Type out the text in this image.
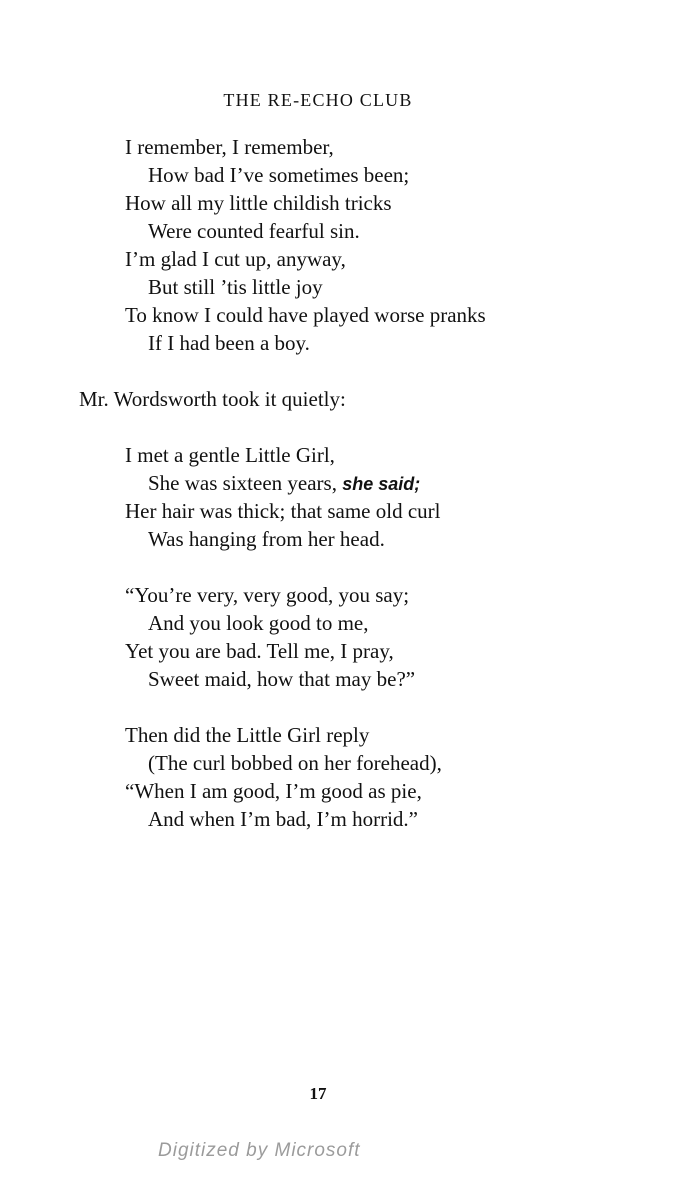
THE RE-ECHO CLUB
I remember, I remember,
How bad I’ve sometimes been;
How all my little childish tricks
Were counted fearful sin.
I’m glad I cut up, anyway,
But still ’tis little joy
To know I could have played worse pranks
If I had been a boy.
Mr. Wordsworth took it quietly:
I met a gentle Little Girl,
She was sixteen years, she said;
Her hair was thick; that same old curl
Was hanging from her head.
“You’re very, very good, you say;
And you look good to me,
Yet you are bad. Tell me, I pray,
Sweet maid, how that may be?”
Then did the Little Girl reply
(The curl bobbed on her forehead),
“When I am good, I’m good as pie,
And when I’m bad, I’m horrid.”
17
Digitized by Microsoft
